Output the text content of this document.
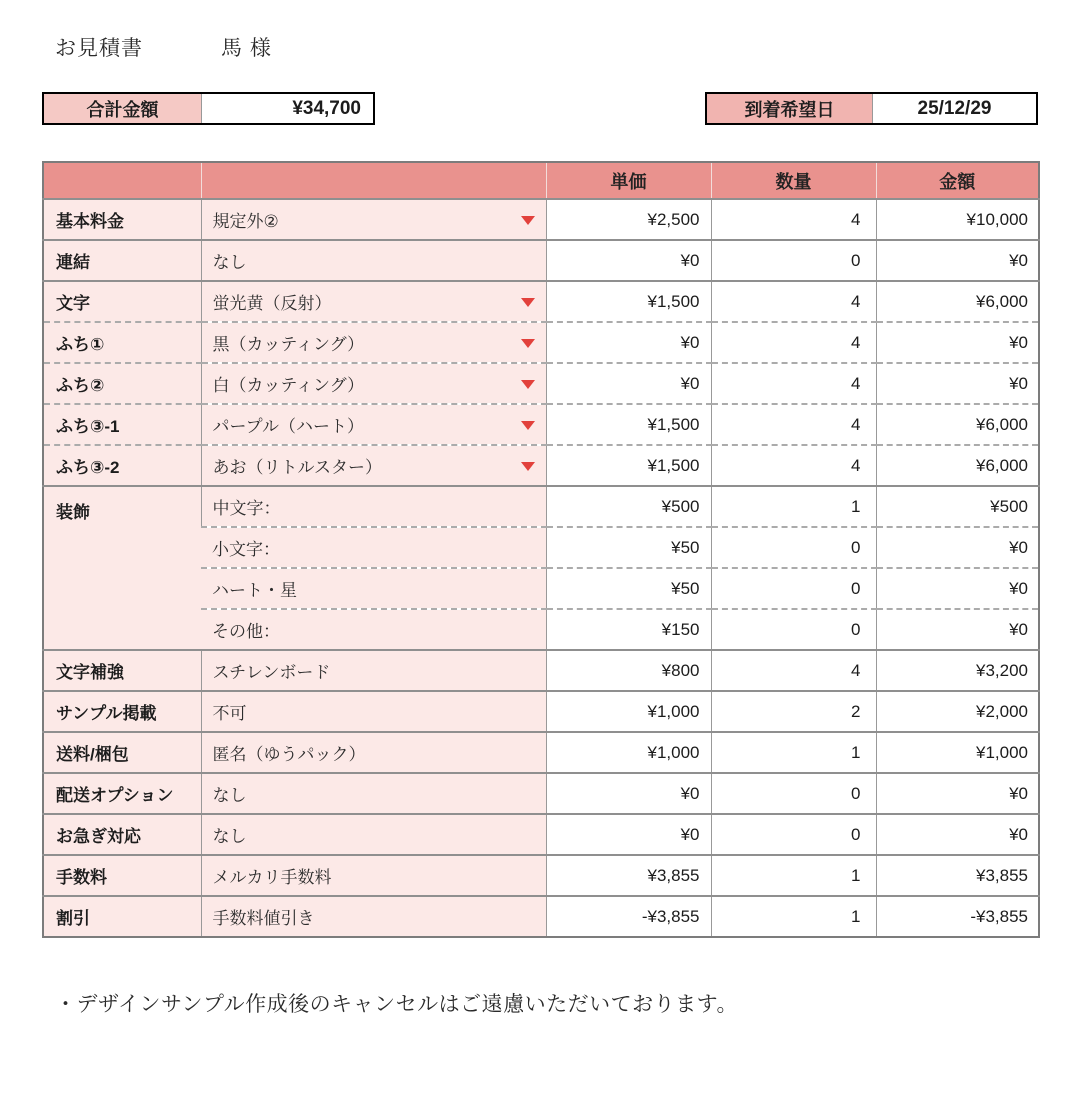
お見積書	馬 様
合計金額	¥34,700	到着希望日	25/12/29
		単価	数量	金額
基本料金	規定外②	¥2,500	4	¥10,000
連結	なし	¥0	0	¥0
文字	蛍光黄（反射）	¥1,500	4	¥6,000
ふち①	黒（カッティング）	¥0	4	¥0
ふち②	白（カッティング）	¥0	4	¥0
ふち③-1	パープル（ハート）	¥1,500	4	¥6,000
ふち③-2	あお（リトルスター）	¥1,500	4	¥6,000
装飾	中文字：	¥500	1	¥500
	小文字：	¥50	0	¥0
	ハート・星	¥50	0	¥0
	その他：	¥150	0	¥0
文字補強	スチレンボード	¥800	4	¥3,200
サンプル掲載	不可	¥1,000	2	¥2,000
送料/梱包	匿名（ゆうパック）	¥1,000	1	¥1,000
配送オプション	なし	¥0	0	¥0
お急ぎ対応	なし	¥0	0	¥0
手数料	メルカリ手数料	¥3,855	1	¥3,855
割引	手数料値引き	-¥3,855	1	-¥3,855
・デザインサンプル作成後のキャンセルはご遠慮いただいております。
